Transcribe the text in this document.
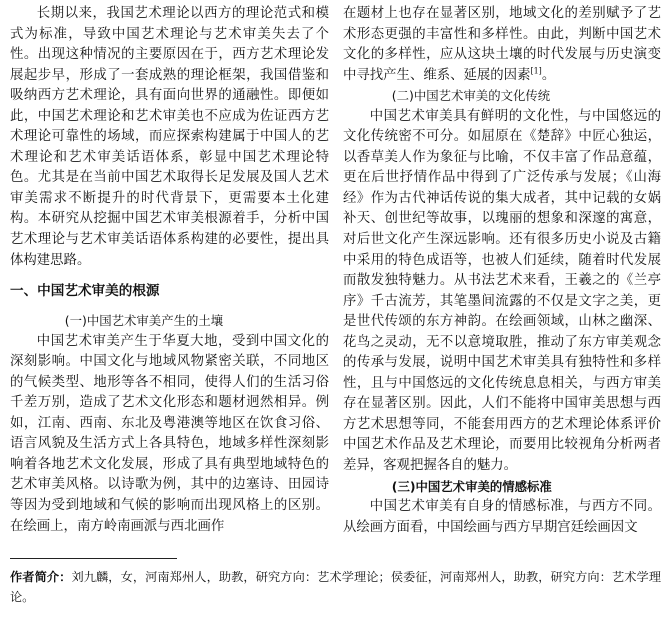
长期以来，我国艺术理论以西方的理论范式和模式为标准，导致中国艺术理论与艺术审美失去了个性。出现这种情况的主要原因在于，西方艺术理论发展起步早，形成了一套成熟的理论框架，我国借鉴和吸纳西方艺术理论，具有面向世界的通融性。即便如此，中国艺术理论和艺术审美也不应成为佐证西方艺术理论可靠性的场域，而应探索构建属于中国人的艺术理论和艺术审美话语体系，彰显中国艺术理论特色。尤其是在当前中国艺术取得长足发展及国人艺术审美需求不断提升的时代背景下，更需要本土化建构。本研究从挖掘中国艺术审美根源着手，分析中国艺术理论与艺术审美话语体系构建的必要性，提出具体构建思路。

一、中国艺术审美的根源

(一)中国艺术审美产生的土壤

中国艺术审美产生于华夏大地，受到中国文化的深刻影响。中国文化与地域风物紧密关联，不同地区的气候类型、地形等各不相同，使得人们的生活习俗千差万别，造成了艺术文化形态和题材迥然相异。例如，江南、西南、东北及粤港澳等地区在饮食习俗、语言风貌及生活方式上各具特色，地域多样性深刻影响着各地艺术文化发展，形成了具有典型地域特色的艺术审美风格。以诗歌为例，其中的边塞诗、田园诗等因为受到地域和气候的影响而出现风格上的区别。在绘画上，南方岭南画派与西北画作

在题材上也存在显著区别，地域文化的差别赋予了艺术形态更强的丰富性和多样性。由此，判断中国艺术文化的多样性，应从这块土壤的时代发展与历史演变中寻找产生、维系、延展的因素[1]。

(二)中国艺术审美的文化传统

中国艺术审美具有鲜明的文化性，与中国悠远的文化传统密不可分。如屈原在《楚辞》中匠心独运，以香草美人作为象征与比喻，不仅丰富了作品意蕴，更在后世抒情作品中得到了广泛传承与发展；《山海经》作为古代神话传说的集大成者，其中记载的女娲补天、创世纪等故事，以瑰丽的想象和深邃的寓意，对后世文化产生深远影响。还有很多历史小说及古籍中采用的特色成语等，也被人们延续，随着时代发展而散发独特魅力。从书法艺术来看，王羲之的《兰亭序》千古流芳，其笔墨间流露的不仅是文字之美，更是世代传颂的东方神韵。在绘画领域，山林之幽深、花鸟之灵动，无不以意境取胜，推动了东方审美观念的传承与发展，说明中国艺术审美具有独特性和多样性，且与中国悠远的文化传统息息相关，与西方审美存在显著区别。因此，人们不能将中国审美思想与西方艺术思想等同，不能套用西方的艺术理论体系评价中国艺术作品及艺术理论，而要用比较视角分析两者差异，客观把握各自的魅力。

(三)中国艺术审美的情感标准

中国艺术审美有自身的情感标准，与西方不同。从绘画方面看，中国绘画与西方早期宫廷绘画因文

作者简介：刘九麟，女，河南郑州人，助教，研究方向：艺术学理论；侯委征，河南郑州人，助教，研究方向：艺术学理论。
